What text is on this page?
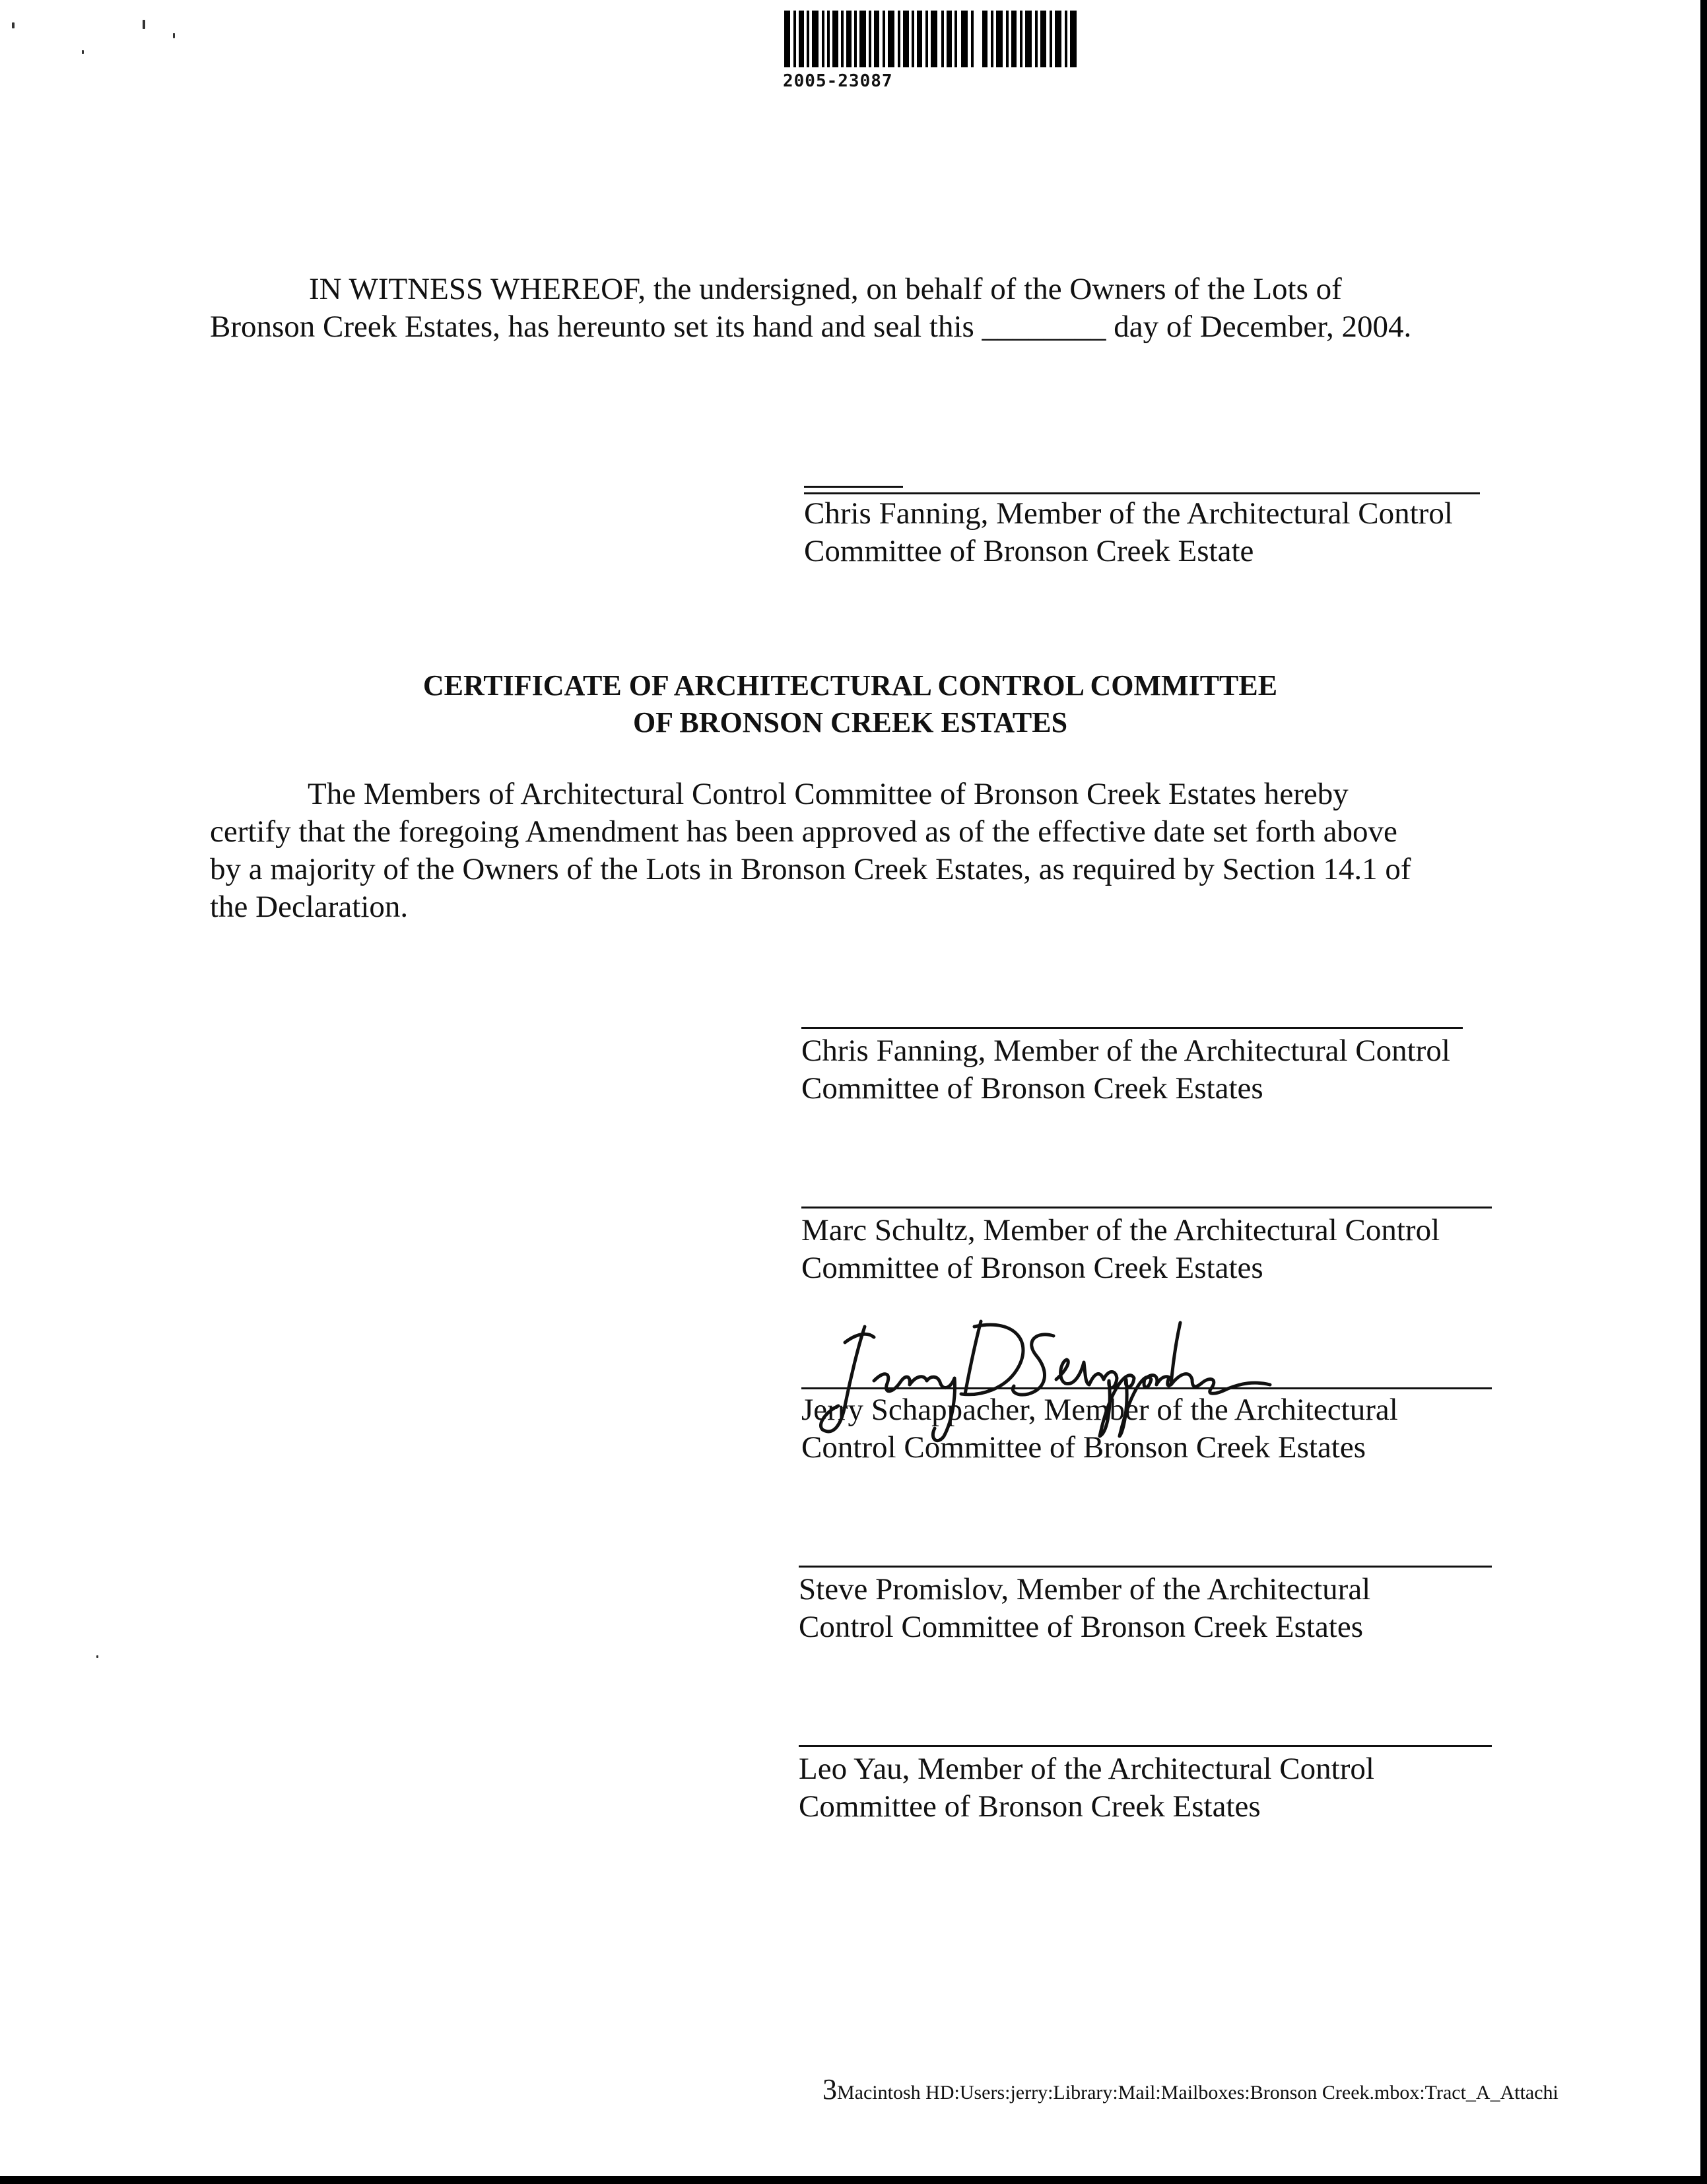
2005-23087
IN WITNESS WHEREOF, the undersigned, on behalf of the Owners of the Lots of
Bronson Creek Estates, has hereunto set its hand and seal this ________ day of December, 2004.
Chris Fanning, Member of the Architectural Control
Committee of Bronson Creek Estate
CERTIFICATE OF ARCHITECTURAL CONTROL COMMITTEE
OF BRONSON CREEK ESTATES
The Members of Architectural Control Committee of Bronson Creek Estates hereby
certify that the foregoing Amendment has been approved as of the effective date set forth above
by a majority of the Owners of the Lots in Bronson Creek Estates, as required by Section 14.1 of
the Declaration.
Chris Fanning, Member of the Architectural Control
Committee of Bronson Creek Estates
Marc Schultz, Member of the Architectural Control
Committee of Bronson Creek Estates
Jerry Schappacher, Member of the Architectural
Control Committee of Bronson Creek Estates
Steve Promislov, Member of the Architectural
Control Committee of Bronson Creek Estates
Leo Yau, Member of the Architectural Control
Committee of Bronson Creek Estates
3Macintosh HD:Users:jerry:Library:Mail:Mailboxes:Bronson Creek.mbox:Tract_A_Attachi
